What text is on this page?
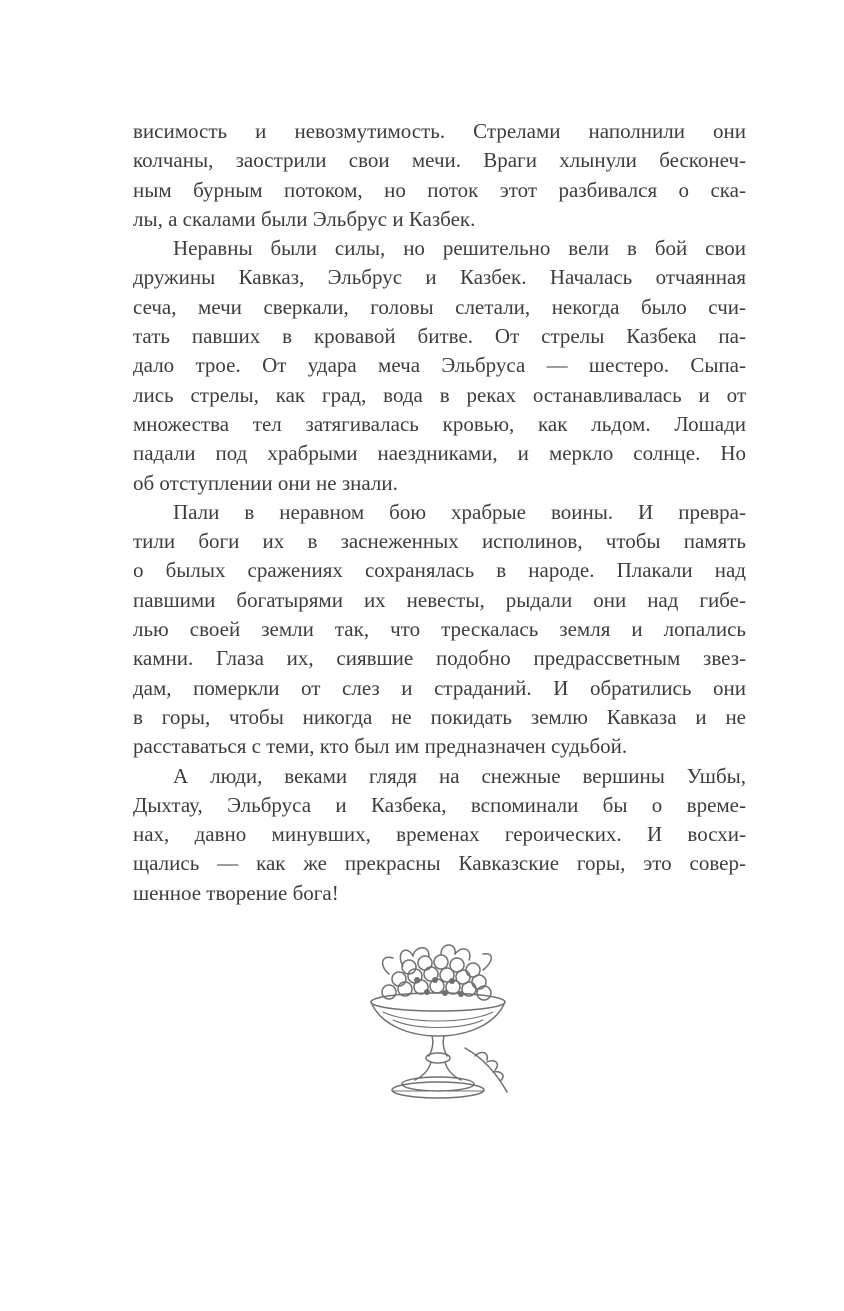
висимость и невозмутимость. Стрелами наполнили они
колчаны, заострили свои мечи. Враги хлынули бесконеч-
ным бурным потоком, но поток этот разбивался о ска-
лы, а скалами были Эльбрус и Казбек.
Неравны были силы, но решительно вели в бой свои
дружины Кавказ, Эльбрус и Казбек. Началась отчаянная
сеча, мечи сверкали, головы слетали, некогда было счи-
тать павших в кровавой битве. От стрелы Казбека па-
дало трое. От удара меча Эльбруса — шестеро. Сыпа-
лись стрелы, как град, вода в реках останавливалась и от
множества тел затягивалась кровью, как льдом. Лошади
падали под храбрыми наездниками, и меркло солнце. Но
об отступлении они не знали.
Пали в неравном бою храбрые воины. И превра-
тили боги их в заснеженных исполинов, чтобы память
о былых сражениях сохранялась в народе. Плакали над
павшими богатырями их невесты, рыдали они над гибе-
лью своей земли так, что трескалась земля и лопались
камни. Глаза их, сиявшие подобно предрассветным звез-
дам, померкли от слез и страданий. И обратились они
в горы, чтобы никогда не покидать землю Кавказа и не
расставаться с теми, кто был им предназначен судьбой.
А люди, веками глядя на снежные вершины Ушбы,
Дыхтау, Эльбруса и Казбека, вспоминали бы о време-
нах, давно минувших, временах героических. И восхи-
щались — как же прекрасны Кавказские горы, это совер-
шенное творение бога!
